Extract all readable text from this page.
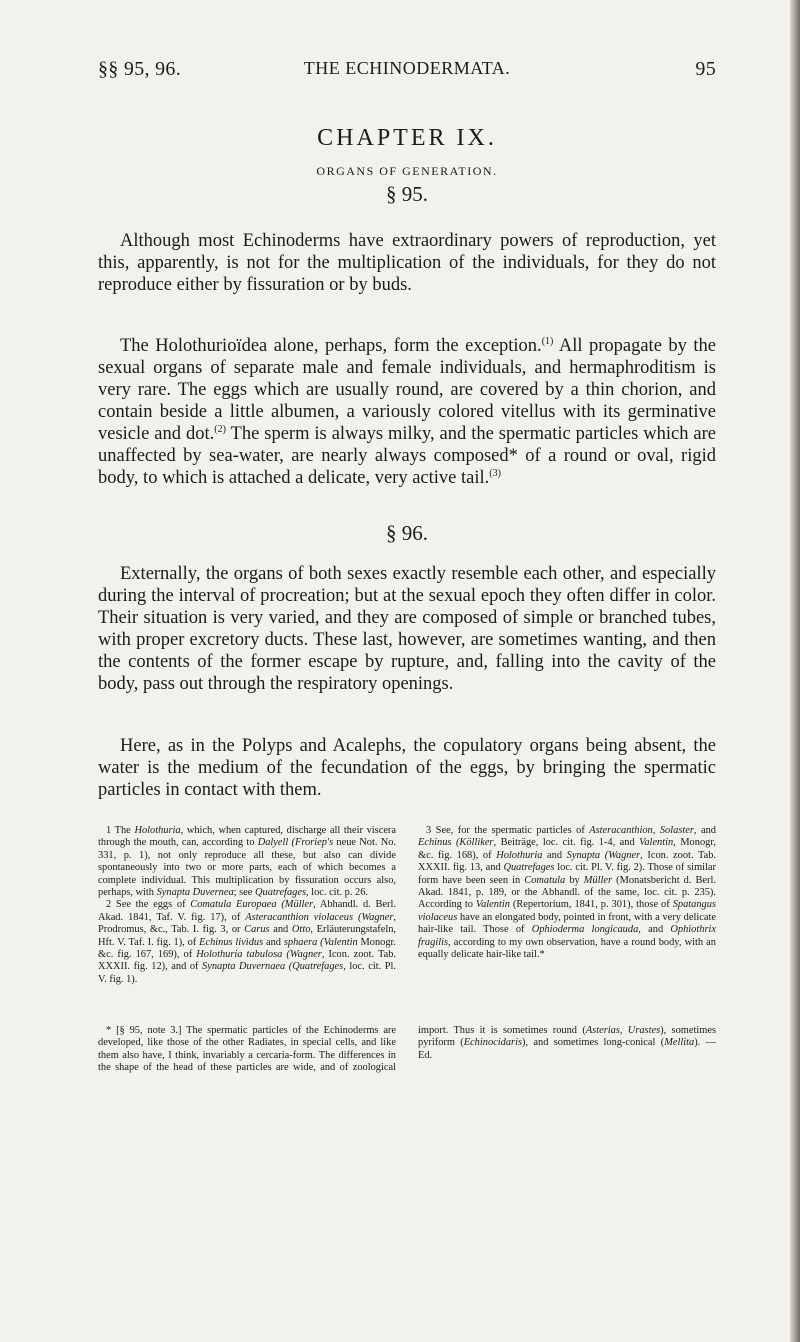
§§ 95, 96.	THE ECHINODERMATA.	95
CHAPTER IX.
ORGANS OF GENERATION.
§ 95.

Although most Echinoderms have extraordinary powers of reproduction, yet this, apparently, is not for the multiplication of the individuals, for they do not reproduce either by fissuration or by buds.

The Holothurioïdea alone, perhaps, form the exception.$^{(1)}$ All propagate by the sexual organs of separate male and female individuals, and hermaphroditism is very rare. The eggs which are usually round, are covered by a thin chorion, and contain beside a little albumen, a variously colored vitellus with its germinative vesicle and dot.$^{(2)}$ The sperm is always milky, and the spermatic particles which are unaffected by sea-water, are nearly always composed* of a round or oval, rigid body, to which is attached a delicate, very active tail.$^{(3)}$

§ 96.

Externally, the organs of both sexes exactly resemble each other, and especially during the interval of procreation; but at the sexual epoch they often differ in color. Their situation is very varied, and they are composed of simple or branched tubes, with proper excretory ducts. These last, however, are sometimes wanting, and then the contents of the former escape by rupture, and, falling into the cavity of the body, pass out through the respiratory openings.

Here, as in the Polyps and Acalephs, the copulatory organs being absent, the water is the medium of the fecundation of the eggs, by bringing the spermatic particles in contact with them.

1 The Holothuria, which, when captured, discharge all their viscera through the mouth, can, according to Dalyell (Froriep's neue Not. No. 331, p. 1), not only reproduce all these, but also can divide spontaneously into two or more parts, each of which becomes a complete individual. This multiplication by fissuration occurs also, perhaps, with Synapta Duvernea; see Quatrefages, loc. cit. p. 26.
2 See the eggs of Comatula Europaea (Müller, Abhandl. d. Berl. Akad. 1841, Taf. V. fig. 17), of Asteracanthion violaceus (Wagner, Prodromus, &c., Tab. I. fig. 3, or Carus and Otto, Erläuterungstafeln, Hft. V. Taf. I. fig. 1), of Echinus lividus and sphaera (Valentin Monogr. &c. fig. 167, 169), of Holothuria tabulosa (Wagner, Icon. zoot. Tab. XXXII. fig. 12), and of Synapta Duvernaea (Quatrefages, loc. cit. Pl. V. fig. 1).

3 See, for the spermatic particles of Asteracanthion, Solaster, and Echinus (Kölliker, Beiträge, loc. cit. fig. 1-4, and Valentin, Monogr, &c. fig. 168), of Holothuria and Synapta (Wagner, Icon. zoot. Tab. XXXII. fig. 13, and Quatrefages loc. cit. Pl. V. fig. 2). Those of similar form have been seen in Comatula by Müller (Monatsbericht d. Berl. Akad. 1841, p. 189, or the Abhandl. of the same, loc. cit. p. 235). According to Valentin (Repertorium, 1841, p. 301), those of Spatangus violaceus have an elongated body, pointed in front, with a very delicate hair-like tail. Those of Ophioderma longicauda, and Ophiothrix fragilis, according to my own observation, have a round body, with an equally delicate hair-like tail.*

* [§ 95, note 3.] The spermatic particles of the Echinoderms are developed, like those of the other Radiates, in special cells, and like them also have, I think, invariably a cercaria-form. The differences in the shape of the head of these particles are wide, and of zoological import. Thus it is sometimes round (Asterias, Urastes), sometimes pyriform (Echinocidaris), and sometimes long-conical (Mellita). — Ed.
